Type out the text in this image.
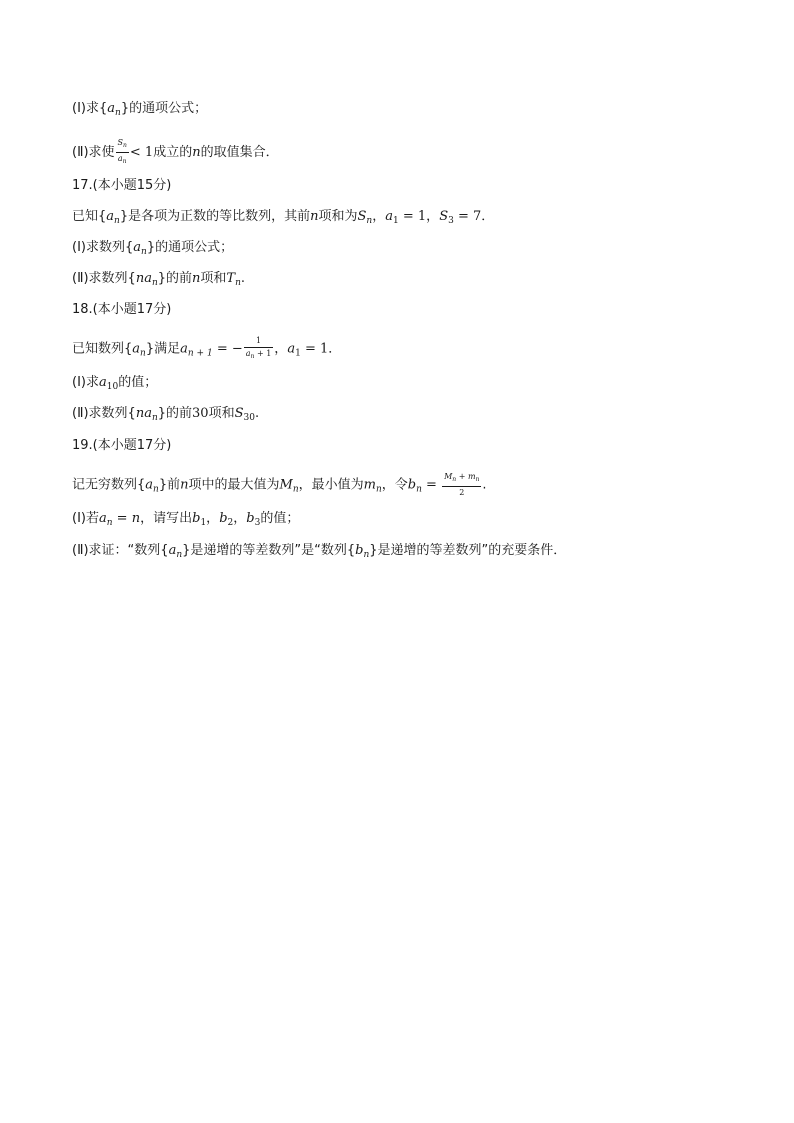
(Ⅰ)求$\{a_n\}$的通项公式；
(Ⅱ)求使 $\frac{S_n}{a_n} < 1$成立的n的取值集合．
17.(本小题15分)
已知$\{a_n\}$是各项为正数的等比数列，其前n项和为$S_n$，$a_1 = 1$，$S_3 = 7$．
(Ⅰ)求数列$\{a_n\}$的通项公式；
(Ⅱ)求数列$\{na_n\}$的前n项和$T_n$.
18.(本小题17分)
已知数列$\{a_n\}$满足$a_{n + 1}$ = − $\frac{1}{a_n + 1}$ ，$a_1 = 1$．
(Ⅰ)求$a_{10}$的值；
(Ⅱ)求数列$\{na_n\}$的前30项和$S_{30}$.
19.(本小题17分)
记无穷数列$\{a_n\}$前n项中的最大值为$M_n$，最小值为$m_n$，令$b_n = \frac{M_n + m_n}{2}$ .
(Ⅰ)若$a_n = n$，请写出$b_1$，$b_2$，$b_3$的值；
(Ⅱ)求证：“数列$\{a_n\}$是递增的等差数列”是“数列$\{b_n\}$是递增的等差数列”的充要条件．
